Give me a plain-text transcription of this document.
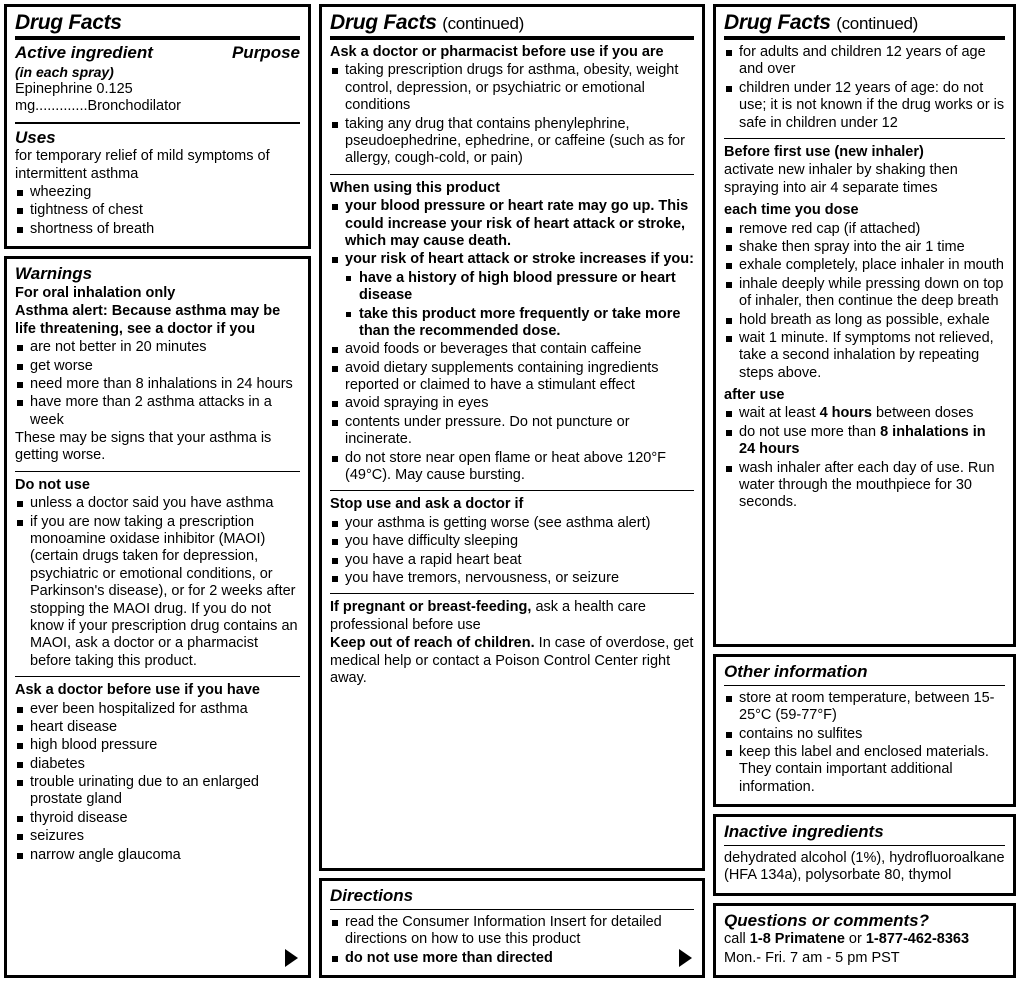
Drug Facts
Purpose
Active ingredient
(in each spray)
Epinephrine 0.125 mg.............Bronchodilator
Uses
for temporary relief of mild symptoms of intermittent asthma
wheezing
tightness of chest
shortness of breath
Warnings
For oral inhalation only
Asthma alert: Because asthma may be life threatening, see a doctor if you
are not better in 20 minutes
get worse
need more than 8 inhalations in 24 hours
have more than 2 asthma attacks in a week
These may be signs that your asthma is getting worse.
Do not use
unless a doctor said you have asthma
if you are now taking a prescription monoamine oxidase inhibitor (MAOI) (certain drugs taken for depression, psychiatric or emotional conditions, or Parkinson's disease), or for 2 weeks after stopping the MAOI drug. If you do not know if your prescription drug contains an MAOI, ask a doctor or a pharmacist before taking this product.
Ask a doctor before use if you have
ever been hospitalized for asthma
heart disease
high blood pressure
diabetes
trouble urinating due to an enlarged prostate gland
thyroid disease
seizures
narrow angle glaucoma
Drug Facts (continued)
Ask a doctor or pharmacist before use if you are
taking prescription drugs for asthma, obesity, weight control, depression, or psychiatric or emotional conditions
taking any drug that contains phenylephrine, pseudoephedrine, ephedrine, or caffeine (such as for allergy, cough-cold, or pain)
When using this product
your blood pressure or heart rate may go up. This could increase your risk of heart attack or stroke, which may cause death.
your risk of heart attack or stroke increases if you:
have a history of high blood pressure or heart disease
take this product more frequently or take more than the recommended dose.
avoid foods or beverages that contain caffeine
avoid dietary supplements containing ingredients reported or claimed to have a stimulant effect
avoid spraying in eyes
contents under pressure. Do not puncture or incinerate.
do not store near open flame or heat above 120°F (49°C). May cause bursting.
Stop use and ask a doctor if
your asthma is getting worse (see asthma alert)
you have difficulty sleeping
you have a rapid heart beat
you have tremors, nervousness, or seizure
If pregnant or breast-feeding, ask a health care professional before use
Keep out of reach of children. In case of overdose, get medical help or contact a Poison Control Center right away.
Directions
read the Consumer Information Insert for detailed directions on how to use this product
do not use more than directed
Drug Facts (continued)
for adults and children 12 years of age and over
children under 12 years of age: do not use; it is not known if the drug works or is safe in children under 12
Before first use (new inhaler)
activate new inhaler by shaking then spraying into air 4 separate times
each time you dose
remove red cap (if attached)
shake then spray into the air 1 time
exhale completely, place inhaler in mouth
inhale deeply while pressing down on top of inhaler, then continue the deep breath
hold breath as long as possible, exhale
wait 1 minute. If symptoms not relieved, take a second inhalation by repeating steps above.
after use
wait at least 4 hours between doses
do not use more than 8 inhalations in 24 hours
wash inhaler after each day of use. Run water through the mouthpiece for 30 seconds.
Other information
store at room temperature, between 15-25°C (59-77°F)
contains no sulfites
keep this label and enclosed materials. They contain important additional information.
Inactive ingredients
dehydrated alcohol (1%), hydrofluoroalkane (HFA 134a), polysorbate 80, thymol
Questions or comments?
call 1-8 Primatene or 1-877-462-8363
Mon.- Fri. 7 am - 5 pm PST
